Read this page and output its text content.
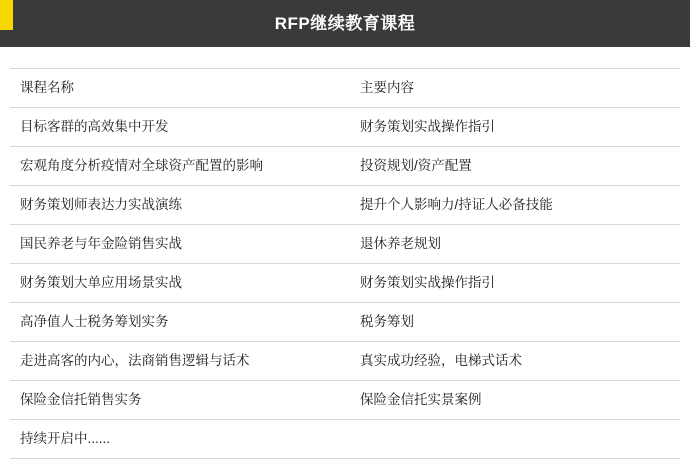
RFP继续教育课程
课程名称	主要内容
目标客群的高效集中开发	财务策划实战操作指引
宏观角度分析疫情对全球资产配置的影响	投资规划/资产配置
财务策划师表达力实战演练	提升个人影响力/持证人必备技能
国民养老与年金险销售实战	退休养老规划
财务策划大单应用场景实战	财务策划实战操作指引
高净值人士税务筹划实务	税务筹划
走进高客的内心，法商销售逻辑与话术	真实成功经验，电梯式话术
保险金信托销售实务	保险金信托实景案例
持续开启中......
